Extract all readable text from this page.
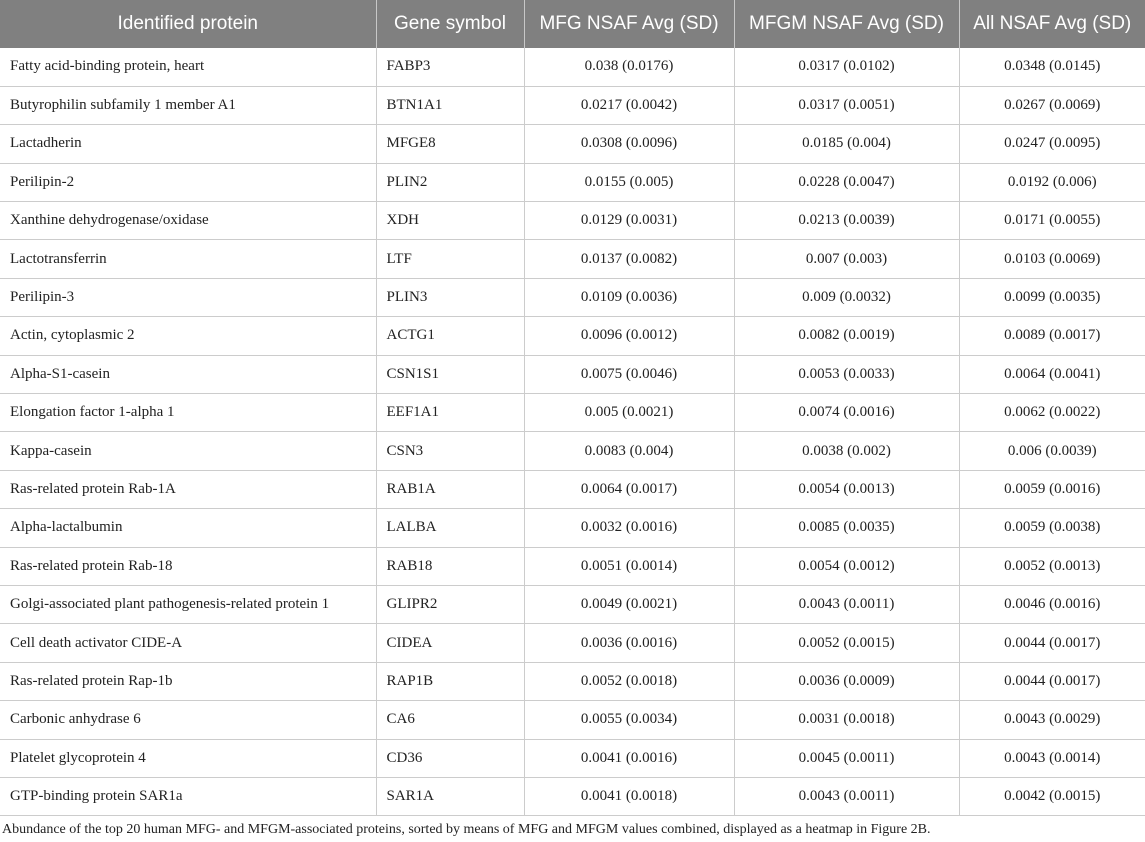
Identified protein	Gene symbol	MFG NSAF Avg (SD)	MFGM NSAF Avg (SD)	All NSAF Avg (SD)
Fatty acid-binding protein, heart	FABP3	0.038 (0.0176)	0.0317 (0.0102)	0.0348 (0.0145)
Butyrophilin subfamily 1 member A1	BTN1A1	0.0217 (0.0042)	0.0317 (0.0051)	0.0267 (0.0069)
Lactadherin	MFGE8	0.0308 (0.0096)	0.0185 (0.004)	0.0247 (0.0095)
Perilipin-2	PLIN2	0.0155 (0.005)	0.0228 (0.0047)	0.0192 (0.006)
Xanthine dehydrogenase/oxidase	XDH	0.0129 (0.0031)	0.0213 (0.0039)	0.0171 (0.0055)
Lactotransferrin	LTF	0.0137 (0.0082)	0.007 (0.003)	0.0103 (0.0069)
Perilipin-3	PLIN3	0.0109 (0.0036)	0.009 (0.0032)	0.0099 (0.0035)
Actin, cytoplasmic 2	ACTG1	0.0096 (0.0012)	0.0082 (0.0019)	0.0089 (0.0017)
Alpha-S1-casein	CSN1S1	0.0075 (0.0046)	0.0053 (0.0033)	0.0064 (0.0041)
Elongation factor 1-alpha 1	EEF1A1	0.005 (0.0021)	0.0074 (0.0016)	0.0062 (0.0022)
Kappa-casein	CSN3	0.0083 (0.004)	0.0038 (0.002)	0.006 (0.0039)
Ras-related protein Rab-1A	RAB1A	0.0064 (0.0017)	0.0054 (0.0013)	0.0059 (0.0016)
Alpha-lactalbumin	LALBA	0.0032 (0.0016)	0.0085 (0.0035)	0.0059 (0.0038)
Ras-related protein Rab-18	RAB18	0.0051 (0.0014)	0.0054 (0.0012)	0.0052 (0.0013)
Golgi-associated plant pathogenesis-related protein 1	GLIPR2	0.0049 (0.0021)	0.0043 (0.0011)	0.0046 (0.0016)
Cell death activator CIDE-A	CIDEA	0.0036 (0.0016)	0.0052 (0.0015)	0.0044 (0.0017)
Ras-related protein Rap-1b	RAP1B	0.0052 (0.0018)	0.0036 (0.0009)	0.0044 (0.0017)
Carbonic anhydrase 6	CA6	0.0055 (0.0034)	0.0031 (0.0018)	0.0043 (0.0029)
Platelet glycoprotein 4	CD36	0.0041 (0.0016)	0.0045 (0.0011)	0.0043 (0.0014)
GTP-binding protein SAR1a	SAR1A	0.0041 (0.0018)	0.0043 (0.0011)	0.0042 (0.0015)

Abundance of the top 20 human MFG- and MFGM-associated proteins, sorted by means of MFG and MFGM values combined, displayed as a heatmap in Figure 2B.
